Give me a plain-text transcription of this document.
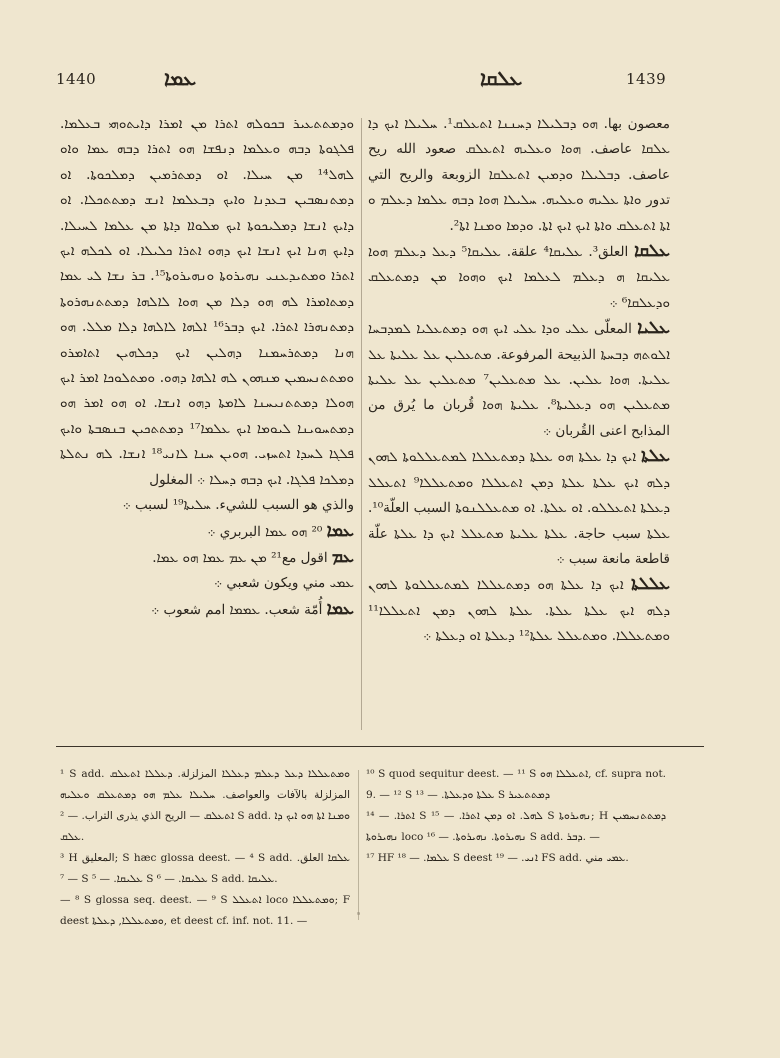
1440	ܥܡܐ	ܥܠܩܐ	1439

ܘܕܡܬܬܥܝܪ ܒܟܘܠܗ ܐܬܪܐ ܡܢ ܐܡܪܐ ܕܐܝܬܘܗܝ ܒܥܠܡܐ. ܦܠܓܘܬܐ ܕܒܗ ܘܥܠܡܐ ܕܢܦܫܐ ܗܘ ܐܬܪܐ ܕܒܗ ܥܡܐ ܘܐܘ ܠܗܠ¹⁴ ܡܢ ܚܝܠܐ. ܐܘ ܕܡܬܪܡܝܢ ܕܡܠܟܘܬܐ. ܐܘ ܕܡܬܢܣܒܝܢ ܒܥܕܢܐ ܘܐܝܟ ܕܒܥܠܡܐ ܐܢܫ ܕܡܬܬܟܠܐ. ܐܘ ܕܐܝܟ ܐܢܫܐ ܕܡܠܝܟܘܬܐ ܐܝܟ ܡܠܘܐܐ ܕܐܬܐ ܡܢ ܥܠܡܐ ܠܚܝܠܐ. ܕܐܝܟ ܗܢܐ ܐܝܟ ܐܢܫܐ ܐܝܟ ܕܗܘ ܐܬܪܐ ܟܠܝܠܐ. ܐܘ ܠܟܠܗ ܐܝܟ ܐܬܪܐ ܘܡܬܝܕܥܢܝ ܢܗܝܪܘܬܐ ܘܢܗܝܪܘܬܐ¹⁵. ܒܪ ܢܫܐ ܠܝ ܥܡܐ ܕܡܬܐܡܪܐ ܠܗ ܗܘ ܕܠܐ ܡܢ ܗܘܐ ܠܐܠܗܐ ܕܡܬܬܢܗܪܘܬܐ ܕܡܬܢܗܪܐ ܐܬܪܐ. ܐܝܟ ܕܒܪ¹⁶ ܐܠܗܐ ܠܐܠܗܐ ܕܠܐ ܡܠܠ. ܗܘ ܗܢܐ ܕܡܬܪܚܡܢܐ ܕܗܠܝܢ ܐܝܟ ܕܟܠܗܝܢ ܐܬܐܡܪܘ ܘܡܬܬܢܚܡܝܢ ܡܢܗܘܢ ܠܗ ܐܠܗܐ ܕܗܘ. ܘܡܬܠܘܟܐ ܐܡܪ ܐܝܟ ܗܘܠܐ ܕܡܬܬܢܝܚܢܐ ܠܐܡܬܐ ܕܗܘ ܐܢܫܐ. ܐܘ ܗܘ ܐܡܪ ܗܘ ܕܡܬܚܘܝܢܐ ܠܝܘܡܐ ܐܝܟ ܥܠܡܐ¹⁷ ܕܡܬܬܟܝܢ ܒܢܣܒܬܐ ܘܐܝܟ ܦܠܓܐ ܠܚܕܐ ܐܬܚܙܝ. ܗܘܝܢ ܚܢܐ ܠܐܢܝ¹⁸ ܐܢܫܐ. ܠܗ ܢܬܠܬܐ ܕܡܠܟܐ ܦܠܓܐ. ܐܝܟ ܕܒܗ ܕܚܠܐ ܀ المغلول

والذي هو السبب للشيء. ܚܠܝܬܐ¹⁹ لسبب ܀

ܥܡܐ ²⁰ ܗܘ ܥܡܐ البربري ܀

ܥܡ اقول مع²¹ ܡܢ ܥܡ ܥܡܐ ܗܘ ܥܡܐ.

ܥܡܝ مني ويكون شعبي ܀

ܥܡܐ أُمّة شعب. ܥܡܡܐ امم شعوب ܀

معصون بها. ܗܘ ܕܒܠܝܠܐ ܕܚܢܢܐ ܐܬܥܠܩ¹. ܚܠܝܠܐ ܐܝܟ ܕܐ ܥܠܩܐ عاصف. ܗܘܐ ܘܥܠܝܗ ܐܬܥܠܩ صعود الله ريح عاصف. ܕܒܠܝܠܐ ܘܕܡܝܢ ܐܬܥܠܩܐ الزوبعة والريح التي تدور ܘܐܬܐ ܥܠܝܗ ܘܥܠܝܗ. ܚܠܝܠܐ ܗܘܐ ܕܒܗ ܥܠܡܐ ܕܥܠܡ ܘ ܐܬܐ ܐܬܥܠܩ ܘܐܬܐ ܐܝܟ ܐܝܟ ܐܬܐ. ܘܕܡܐ ܘܡܢܐ ܐܬܐ².

ܥܠܩܐ العلق³. ܥܠܝܩܐ⁴ علقة. ܥܠܝܩܐ⁵ ܕܥܠ ܕܥܠܡ ܗܘܐ ܥܠܝܩܐ ܗ ܕܥܠܡ ܠܥܠܡܐ ܐܝܟ ܘܗܘܐ ܡܢ ܕܡܬܥܠܩ ܘܕܥܠܩܐ⁶ ܀

ܥܠܝܐ المعلّى ܥܠܝ ܘܕܐ ܥܠܝ ܐܝܟ ܗܘ ܕܡܬܥܠܝܐ ܠܡܕܒܚܐ ܐܠܘܬܗ ܕܒܚܬܐ الذبيحة المرفوعة. ܡܬܥܠܝܢ ܥܠ ܥܠܝܬܐ ܥܠ ܥܠܝܬܐ. ܗܘܐ ܥܠܝܢ. ܥܠ ܡܬܥܠܝܢ⁷ ܡܬܥܠܝܢ ܥܠ ܥܠܝܬܐ ܡܬܥܠܝܢ ܗܘ ܕܥܠܝܬܐ⁸. ܥܠܝܬܐ ܗܘܐ قُربان ما يُرق من المذابح اعنى القُربان ܀

ܥܠܬܐ ܐܝܟ ܕܐ ܥܠܬܐ ܗܘ ܥܠܬܐ ܕܡܬܥܠܠܐ ܠܡܬܥܠܠܘܬܐ ܠܗܘܢ ܕܠܗ ܐܝܟ ܥܠܬܐ ܥܠܬܐ ܕܡܢ ܐܬܥܠܠܐ ܘܡܬܥܠܠܐ⁹ ܐܬܥܠܠ ܕܥܠܬܐ ܐܬܥܠܠܘ. ܐܘ ܥܠܬܐ. ܐܘ ܡܬܥܠܠܢܘܬܐ السبب العلّة¹⁰. ܥܠܬܐ سبب حاجة. ܥܠܬܐ ܥܠܝܬܐ ܡܬܥܠܠ ܐܝܟ ܕܐ ܥܠܬܐ علّة قاطعة مانعة سبب ܀

ܥܠܠܬܐ ܐܝܟ ܕܐ ܥܠܬܐ ܗܘ ܕܡܬܥܠܠܐ ܠܡܬܥܠܠܘܬܐ ܠܗܘܢ ܕܠܗ ܐܝܟ ܥܠܬܐ ܥܠܬܐ. ܥܠܬܐ ܠܗܘܢ ܕܡܢ ܐܬܥܠܠܐ¹¹ ܘܡܬܥܠܠܐ. ܘܡܬܥܠܠ ܥܠܬܐ¹² ܕܥܠܬܐ ܐܘ ܕܥܠܬܐ ܀

¹ S add. ܘܡܬܥܠܠܐ ܕܥܠ ܕܥܠܡ ܕܥܠܠܐ المزلزلة. ܕܥܠܠܐ ܐܬܥܠܩ المزلزلة بالآفات والعواصف. ܚܠܝܠܐ ܥܠܡ ܗܘ ܕܡܬܥܠܩ ܘܥܠܝܗ ܐܬܥܠܩ — الريح الذي يذرى التراب. — ² S add. ܘܡܢܐ ܐܬܐ ܗܘ ܐܝܟ ܕܐ ܥܠܩ.

³ H المعليق; S hæc glossa deest. — ⁴ S add. ܥܠܩܐ العلق. — ⁷ S ܥܠܝܩܐ. — ⁵ S ܥܠܝܩܐ. — ⁶ S add. ܥܠܝܩܐ.

— ⁸ S glossa seq. deest. — ⁹ S ܐܬܥܠܠ loco ܘܡܬܥܠܠܐ; F deest ܘܡܬܥܠܠܐ, ܕܥܠܬܐ, et deest cf. inf. not. 11. —

¹⁰ S quod sequitur deest. — ¹¹ S ܐܬܥܠܠܐ ܗܘ, cf. supra not. 9. — ¹² S ܥܠܬܐ ܘܕܥܠܬܐ. — ¹³ S ܕܡܬܬܥܝܪ

ܐܬܪܐ. — ¹⁴ S ܠܗܠ. ܐܘ ܕܡܢ ܐܬܪܐ. — ¹⁵ S ܢܗܝܪܘܬܐ; H ܕܡܬܬܢܚܡܝܢ ܢܗܝܪܘܬܐ loco ܢܗܝܪܘܬܐ. ܢܗܝܪܘܬܐ. — ¹⁶ S add. ܕܒܪ. —

¹⁷ HF ܥܠܡܐ. — ¹⁸ S deest ܐܢܝ. — ¹⁹ FS add. ܥܡܝ مني.

ᵃ
